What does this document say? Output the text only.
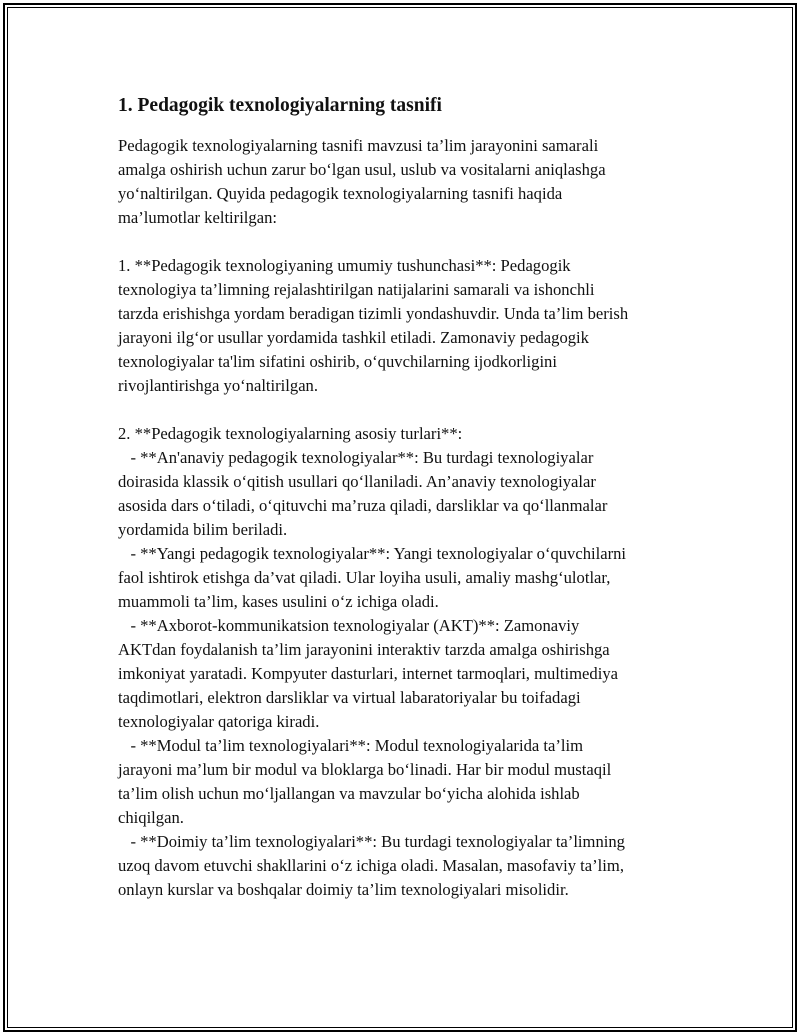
1. Pedagogik texnologiyalarning tasnifi

Pedagogik texnologiyalarning tasnifi mavzusi ta’lim jarayonini samarali
amalga oshirish uchun zarur bo‘lgan usul, uslub va vositalarni aniqlashga
yo‘naltirilgan. Quyida pedagogik texnologiyalarning tasnifi haqida
ma’lumotlar keltirilgan:

1. **Pedagogik texnologiyaning umumiy tushunchasi**: Pedagogik
texnologiya ta’limning rejalashtirilgan natijalarini samarali va ishonchli
tarzda erishishga yordam beradigan tizimli yondashuvdir. Unda ta’lim berish
jarayoni ilg‘or usullar yordamida tashkil etiladi. Zamonaviy pedagogik
texnologiyalar ta'lim sifatini oshirib, o‘quvchilarning ijodkorligini
rivojlantirishga yo‘naltirilgan.

2. **Pedagogik texnologiyalarning asosiy turlari**:

- **An'anaviy pedagogik texnologiyalar**: Bu turdagi texnologiyalar
doirasida klassik o‘qitish usullari qo‘llaniladi. An’anaviy texnologiyalar
asosida dars o‘tiladi, o‘qituvchi ma’ruza qiladi, darsliklar va qo‘llanmalar
yordamida bilim beriladi.

- **Yangi pedagogik texnologiyalar**: Yangi texnologiyalar o‘quvchilarni
faol ishtirok etishga da’vat qiladi. Ular loyiha usuli, amaliy mashg‘ulotlar,
muammoli ta’lim, kases usulini o‘z ichiga oladi.

- **Axborot-kommunikatsion texnologiyalar (AKT)**: Zamonaviy
AKTdan foydalanish ta’lim jarayonini interaktiv tarzda amalga oshirishga
imkoniyat yaratadi. Kompyuter dasturlari, internet tarmoqlari, multimediya
taqdimotlari, elektron darsliklar va virtual labaratoriyalar bu toifadagi
texnologiyalar qatoriga kiradi.

- **Modul ta’lim texnologiyalari**: Modul texnologiyalarida ta’lim
jarayoni ma’lum bir modul va bloklarga bo‘linadi. Har bir modul mustaqil
ta’lim olish uchun mo‘ljallangan va mavzular bo‘yicha alohida ishlab
chiqilgan.

- **Doimiy ta’lim texnologiyalari**: Bu turdagi texnologiyalar ta’limning
uzoq davom etuvchi shakllarini o‘z ichiga oladi. Masalan, masofaviy ta’lim,
onlayn kurslar va boshqalar doimiy ta’lim texnologiyalari misolidir.
